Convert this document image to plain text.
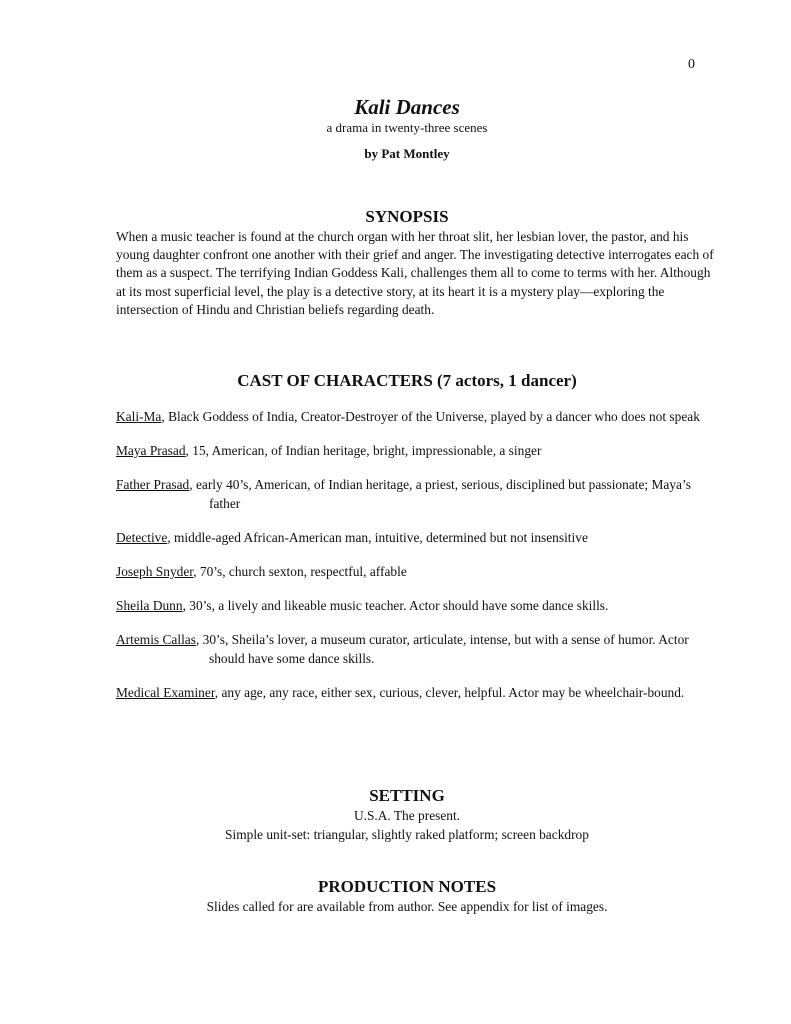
0
Kali Dances
a drama in twenty-three scenes
by Pat Montley
SYNOPSIS

When a music teacher is found at the church organ with her throat slit, her lesbian lover, the pastor, and his young daughter confront one another with their grief and anger. The investigating detective interrogates each of them as a suspect. The terrifying Indian Goddess Kali, challenges them all to come to terms with her. Although at its most superficial level, the play is a detective story, at its heart it is a mystery play—exploring the intersection of Hindu and Christian beliefs regarding death.

CAST OF CHARACTERS (7 actors, 1 dancer)
Kali-Ma, Black Goddess of India, Creator-Destroyer of the Universe, played by a dancer who does not speak
Maya Prasad, 15, American, of Indian heritage, bright, impressionable, a singer
Father Prasad, early 40’s, American, of Indian heritage, a priest, serious, disciplined but passionate; Maya’s father
Detective, middle-aged African-American man, intuitive, determined but not insensitive
Joseph Snyder, 70’s, church sexton, respectful, affable
Sheila Dunn, 30’s, a lively and likeable music teacher. Actor should have some dance skills.
Artemis Callas, 30’s, Sheila’s lover, a museum curator, articulate, intense, but with a sense of humor. Actor should have some dance skills.
Medical Examiner, any age, any race, either sex, curious, clever, helpful. Actor may be wheelchair-bound.
SETTING
U.S.A. The present.
Simple unit-set: triangular, slightly raked platform; screen backdrop
PRODUCTION NOTES
Slides called for are available from author. See appendix for list of images.
